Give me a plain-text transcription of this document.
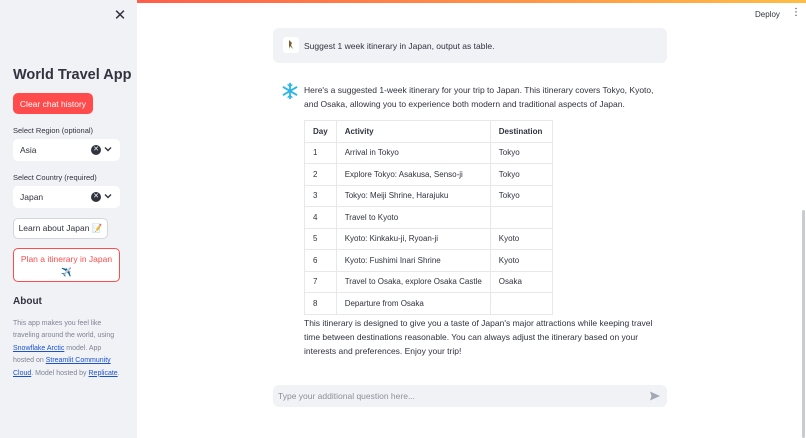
✕
World Travel App
Clear chat history
Select Region (optional)
Asia	✕
Select Country (required)
Japan	✕
Learn about Japan 📝
Plan a itinerary in Japan
✈️
About
This app makes you feel like traveling around the world, using Snowflake Arctic model. App hosted on Streamlit Community Cloud. Model hosted by Replicate.
Deploy ⋮
Suggest 1 week itinerary in Japan, output as table.
Here's a suggested 1-week itinerary for your trip to Japan. This itinerary covers Tokyo, Kyoto, and Osaka, allowing you to experience both modern and traditional aspects of Japan.
Day	Activity	Destination
1	Arrival in Tokyo	Tokyo
2	Explore Tokyo: Asakusa, Senso-ji	Tokyo
3	Tokyo: Meiji Shrine, Harajuku	Tokyo
4	Travel to Kyoto	
5	Kyoto: Kinkaku-ji, Ryoan-ji	Kyoto
6	Kyoto: Fushimi Inari Shrine	Kyoto
7	Travel to Osaka, explore Osaka Castle	Osaka
8	Departure from Osaka	
This itinerary is designed to give you a taste of Japan's major attractions while keeping travel time between destinations reasonable. You can always adjust the itinerary based on your interests and preferences. Enjoy your trip!
Type your additional question here...
